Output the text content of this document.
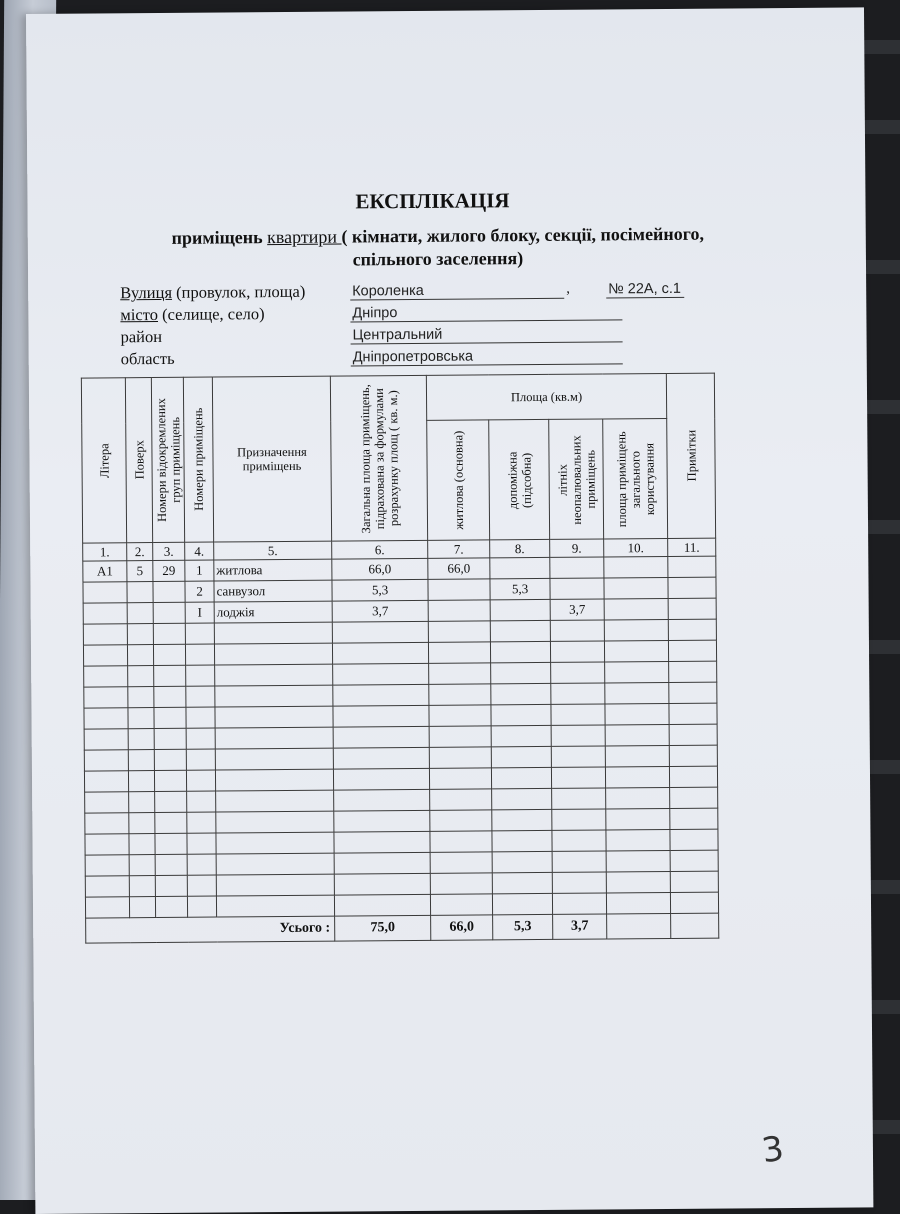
ЕКСПЛІКАЦІЯ
приміщень квартири ( кімнати, жилого блоку, секції, посімейного,
спільного заселення)
Вулиця (провулок, площа)	Короленка	,	№ 22А, с.1
місто (селище, село)	Дніпро
район	Центральний
область	Дніпропетровська
Літера	Поверх	Номери відокремлених груп приміщень	Номери приміщень	Призначення приміщень	Загальна площа приміщень, підрахована за формулами розрахунку площ ( кв. м.)	Площа (кв.м)				Примітки

						житлова (основна)	допоміжна (підсобна)	літніх неопалювальних приміщень	площа приміщень загального користування	

1.	2.	3.	4.	5.	6.	7.	8.	9.	10.	11.
А1	5	29	1	житлова	66,0	66,0				
			2	санвузол	5,3		5,3			
			І	лоджія	3,7			3,7		

Усього :					75,0	66,0	5,3	3,7		
3
